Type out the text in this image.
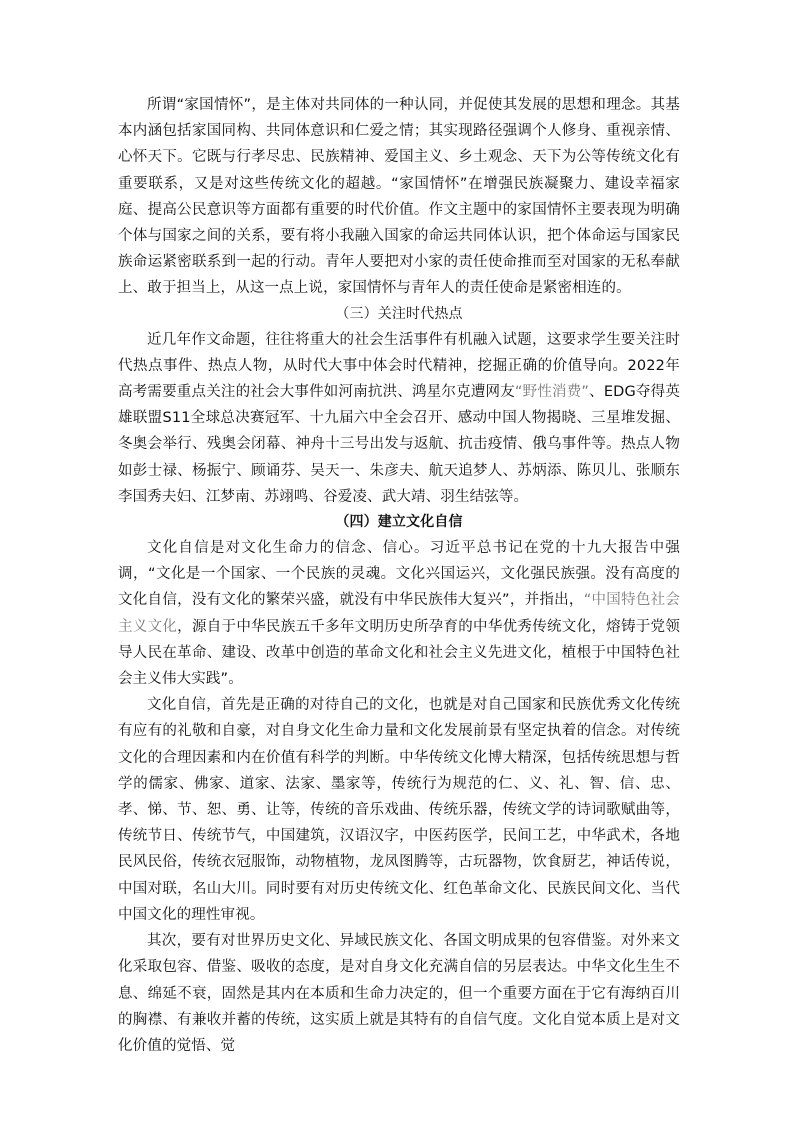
所谓“家国情怀”，是主体对共同体的一种认同，并促使其发展的思想和理念。其基本内涵包括家国同构、共同体意识和仁爱之情；其实现路径强调个人修身、重视亲情、心怀天下。它既与行孝尽忠、民族精神、爱国主义、乡土观念、天下为公等传统文化有重要联系，又是对这些传统文化的超越。“家国情怀”在增强民族凝聚力、建设幸福家庭、提高公民意识等方面都有重要的时代价值。作文主题中的家国情怀主要表现为明确个体与国家之间的关系，要有将小我融入国家的命运共同体认识，把个体命运与国家民族命运紧密联系到一起的行动。青年人要把对小家的责任使命推而至对国家的无私奉献上、敢于担当上，从这一点上说，家国情怀与青年人的责任使命是紧密相连的。

（三）关注时代热点

近几年作文命题，往往将重大的社会生活事件有机融入试题，这要求学生要关注时代热点事件、热点人物，从时代大事中体会时代精神，挖掘正确的价值导向。2022年高考需要重点关注的社会大事件如河南抗洪、鸿星尔克遭网友“野性消费”、EDG夺得英雄联盟S11全球总决赛冠军、十九届六中全会召开、感动中国人物揭晓、三星堆发掘、冬奥会举行、残奥会闭幕、神舟十三号出发与返航、抗击疫情、俄乌事件等。热点人物如彭士禄、杨振宁、顾诵芬、吴天一、朱彦夫、航天追梦人、苏炳添、陈贝儿、张顺东李国秀夫妇、江梦南、苏翊鸣、谷爱凌、武大靖、羽生结弦等。

（四）建立文化自信

文化自信是对文化生命力的信念、信心。习近平总书记在党的十九大报告中强调，“文化是一个国家、一个民族的灵魂。文化兴国运兴，文化强民族强。没有高度的文化自信，没有文化的繁荣兴盛，就没有中华民族伟大复兴”，并指出，“中国特色社会主义文化，源自于中华民族五千多年文明历史所孕育的中华优秀传统文化，熔铸于党领导人民在革命、建设、改革中创造的革命文化和社会主义先进文化，植根于中国特色社会主义伟大实践”。

文化自信，首先是正确的对待自己的文化，也就是对自己国家和民族优秀文化传统有应有的礼敬和自豪，对自身文化生命力量和文化发展前景有坚定执着的信念。对传统文化的合理因素和内在价值有科学的判断。中华传统文化博大精深，包括传统思想与哲学的儒家、佛家、道家、法家、墨家等，传统行为规范的仁、义、礼、智、信、忠、孝、悌、节、恕、勇、让等，传统的音乐戏曲、传统乐器，传统文学的诗词歌赋曲等，传统节日、传统节气，中国建筑，汉语汉字，中医药医学，民间工艺，中华武术，各地民风民俗，传统衣冠服饰，动物植物，龙凤图腾等，古玩器物，饮食厨艺，神话传说，中国对联，名山大川。同时要有对历史传统文化、红色革命文化、民族民间文化、当代中国文化的理性审视。

其次，要有对世界历史文化、异域民族文化、各国文明成果的包容借鉴。对外来文化采取包容、借鉴、吸收的态度，是对自身文化充满自信的另层表达。中华文化生生不息、绵延不衰，固然是其内在本质和生命力决定的，但一个重要方面在于它有海纳百川的胸襟、有兼收并蓄的传统，这实质上就是其特有的自信气度。文化自觉本质上是对文化价值的觉悟、觉
